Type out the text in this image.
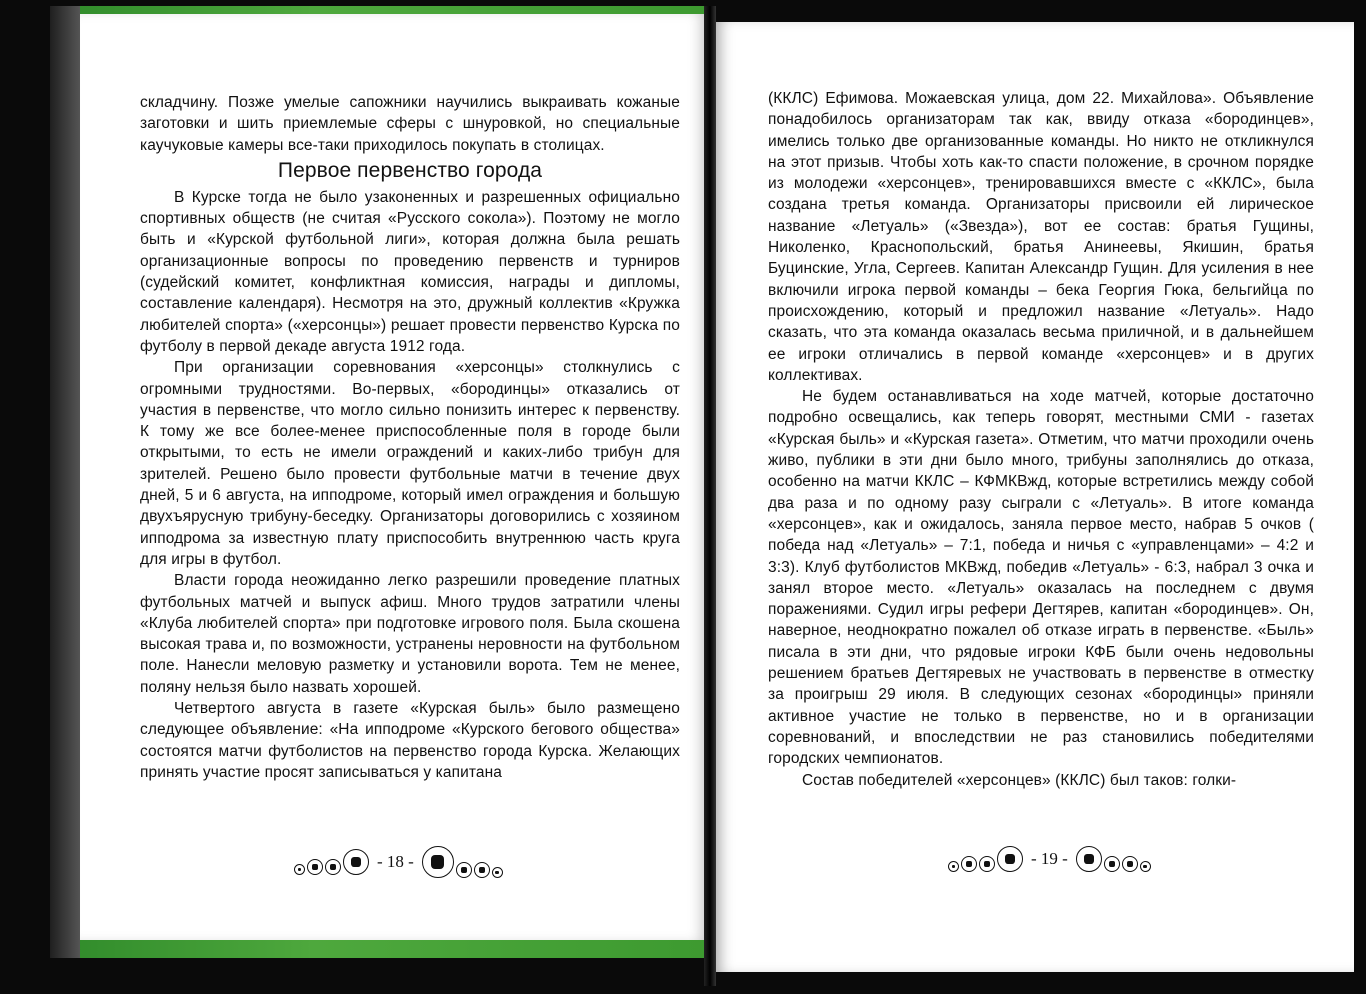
складчину. Позже умелые сапожники научились выкраивать кожаные заготовки и шить приемлемые сферы с шнуровкой, но специальные каучуковые камеры все-таки приходилось покупать в столицах.

Первое первенство города

В Курске тогда не было узаконенных и разрешенных официально спортивных обществ (не считая «Русского сокола»). Поэтому не могло быть и «Курской футбольной лиги», которая должна была решать организационные вопросы по проведению первенств и турниров (судейский комитет, конфликтная комиссия, награды и дипломы, составление календаря). Несмотря на это, дружный коллектив «Кружка любителей спорта» («херсонцы») решает провести первенство Курска по футболу в первой декаде августа 1912 года.

При организации соревнования «херсонцы» столкнулись с огромными трудностями. Во-первых, «бородинцы» отказались от участия в первенстве, что могло сильно понизить интерес к первенству. К тому же все более-менее приспособленные поля в городе были открытыми, то есть не имели ограждений и каких-либо трибун для зрителей. Решено было провести футбольные матчи в течение двух дней, 5 и 6 августа, на ипподроме, который имел ограждения и большую двухъярусную трибуну-беседку. Организаторы договорились с хозяином ипподрома за известную плату приспособить внутреннюю часть круга для игры в футбол.

Власти города неожиданно легко разрешили проведение платных футбольных матчей и выпуск афиш. Много трудов затратили члены «Клуба любителей спорта» при подготовке игрового поля. Была скошена высокая трава и, по возможности, устранены неровности на футбольном поле. Нанесли меловую разметку и установили ворота. Тем не менее, поляну нельзя было назвать хорошей.

Четвертого августа в газете «Курская быль» было размещено следующее объявление: «На ипподроме «Курского бегового общества» состоятся матчи футболистов на первенство города Курска. Желающих принять участие просят записываться у капитана

- 18 -

(ККЛС) Ефимова. Можаевская улица, дом 22. Михайлова». Объявление понадобилось организаторам так как, ввиду отказа «бородинцев», имелись только две организованные команды. Но никто не откликнулся на этот призыв. Чтобы хоть как-то спасти положение, в срочном порядке из молодежи «херсонцев», тренировавшихся вместе с «ККЛС», была создана третья команда. Организаторы присвоили ей лирическое название «Летуаль» («Звезда»), вот ее состав: братья Гущины, Николенко, Краснопольский, братья Анинеевы, Якишин, братья Буцинские, Угла, Сергеев. Капитан Александр Гущин. Для усиления в нее включили игрока первой команды – бека Георгия Гюка, бельгийца по происхождению, который и предложил название «Летуаль». Надо сказать, что эта команда оказалась весьма приличной, и в дальнейшем ее игроки отличались в первой команде «херсонцев» и в других коллективах.

Не будем останавливаться на ходе матчей, которые достаточно подробно освещались, как теперь говорят, местными СМИ - газетах «Курская быль» и «Курская газета». Отметим, что матчи проходили очень живо, публики в эти дни было много, трибуны заполнялись до отказа, особенно на матчи ККЛС – КФМКВжд, которые встретились между собой два раза и по одному разу сыграли с «Летуаль». В итоге команда «херсонцев», как и ожидалось, заняла первое место, набрав 5 очков ( победа над «Летуаль» – 7:1, победа и ничья с «управленцами» – 4:2 и 3:3). Клуб футболистов МКВжд, победив «Летуаль» - 6:3, набрал 3 очка и занял второе место. «Летуаль» оказалась на последнем с двумя поражениями. Судил игры рефери Дегтярев, капитан «бородинцев». Он, наверное, неоднократно пожалел об отказе играть в первенстве. «Быль» писала в эти дни, что рядовые игроки КФБ были очень недовольны решением братьев Дегтяревых не участвовать в первенстве в отместку за проигрыш 29 июля. В следующих сезонах «бородинцы» приняли активное участие не только в первенстве, но и в организации соревнований, и впоследствии не раз становились победителями городских чемпионатов.

Состав победителей «херсонцев» (ККЛС) был таков: голки-

- 19 -
